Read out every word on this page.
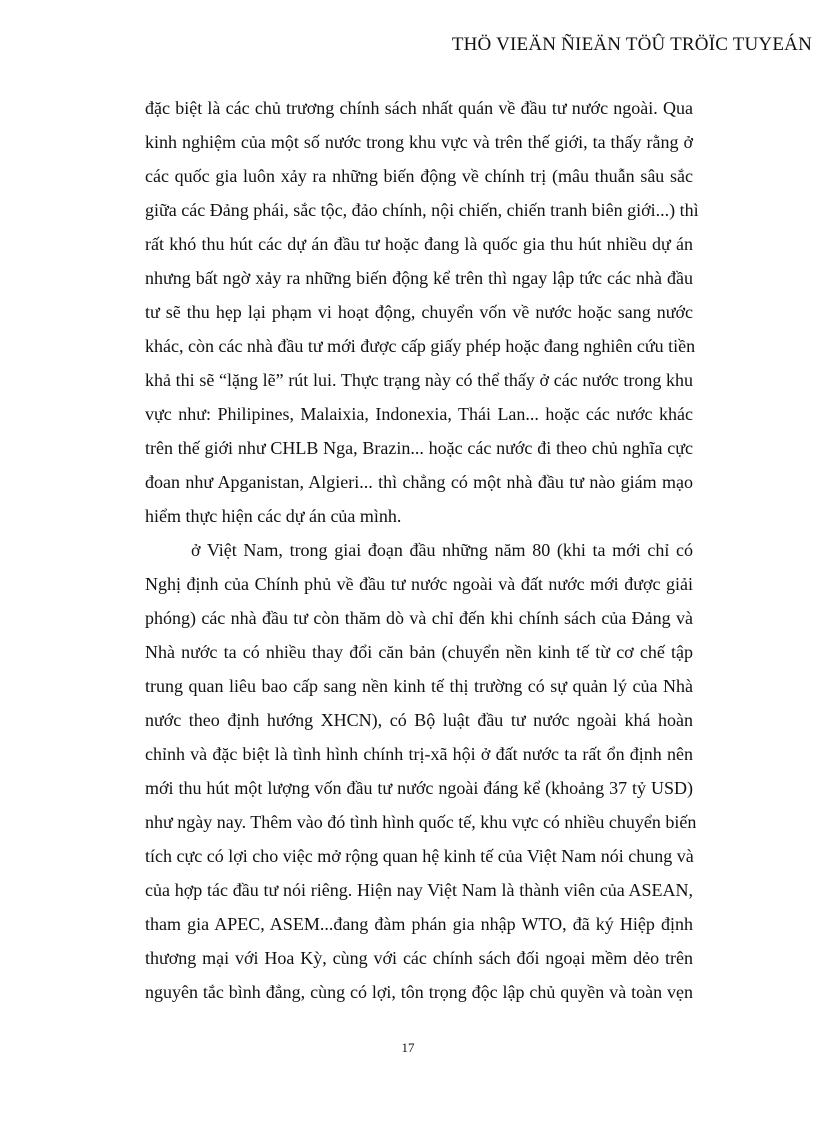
THÖ VIEÄN ÑIEÄN TÖÛ TRÖÏC TUYEÁN
đặc biệt là các chủ trương chính sách nhất quán về đầu tư nước ngoài. Qua
kinh nghiệm của một số nước trong khu vực và trên thế giới, ta thấy rằng ở
các quốc gia luôn xảy ra những biến động về chính trị (mâu thuẫn sâu sắc
giữa các Đảng phái, sắc tộc, đảo chính, nội chiến, chiến tranh biên giới...) thì
rất khó thu hút các dự án đầu tư hoặc đang là quốc gia thu hút nhiều dự án
nhưng bất ngờ xảy ra những biến động kể trên thì ngay lập tức các nhà đầu
tư sẽ thu hẹp lại phạm vi hoạt động, chuyển vốn về nước hoặc sang nước
khác, còn các nhà đầu tư mới được cấp giấy phép hoặc đang nghiên cứu tiền
khả thi sẽ “lặng lẽ” rút lui. Thực trạng này có thể thấy ở các nước trong khu
vực như: Philipines, Malaixia, Indonexia, Thái Lan... hoặc các nước khác
trên thế giới như CHLB Nga, Brazin... hoặc các nước đi theo chủ nghĩa cực
đoan như Apganistan, Algieri... thì chẳng có một nhà đầu tư nào giám mạo
hiểm thực hiện các dự án của mình.
ở Việt Nam, trong giai đoạn đầu những năm 80 (khi ta mới chỉ có
Nghị định của Chính phủ về đầu tư nước ngoài và đất nước mới được giải
phóng) các nhà đầu tư còn thăm dò và chỉ đến khi chính sách của Đảng và
Nhà nước ta có nhiều thay đổi căn bản (chuyển nền kinh tế từ cơ chế tập
trung quan liêu bao cấp sang nền kinh tế thị trường có sự quản lý của Nhà
nước theo định hướng XHCN), có Bộ luật đầu tư nước ngoài khá hoàn
chỉnh và đặc biệt là tình hình chính trị-xã hội ở đất nước ta rất ổn định nên
mới thu hút một lượng vốn đầu tư nước ngoài đáng kể (khoảng 37 tỷ USD)
như ngày nay. Thêm vào đó tình hình quốc tế, khu vực có nhiều chuyển biến
tích cực có lợi cho việc mở rộng quan hệ kinh tế của Việt Nam nói chung và
của hợp tác đầu tư nói riêng. Hiện nay Việt Nam là thành viên của ASEAN,
tham gia APEC, ASEM...đang đàm phán gia nhập WTO, đã ký Hiệp định
thương mại với Hoa Kỳ, cùng với các chính sách đối ngoại mềm dẻo trên
nguyên tắc bình đẳng, cùng có lợi, tôn trọng độc lập chủ quyền và toàn vẹn
17
